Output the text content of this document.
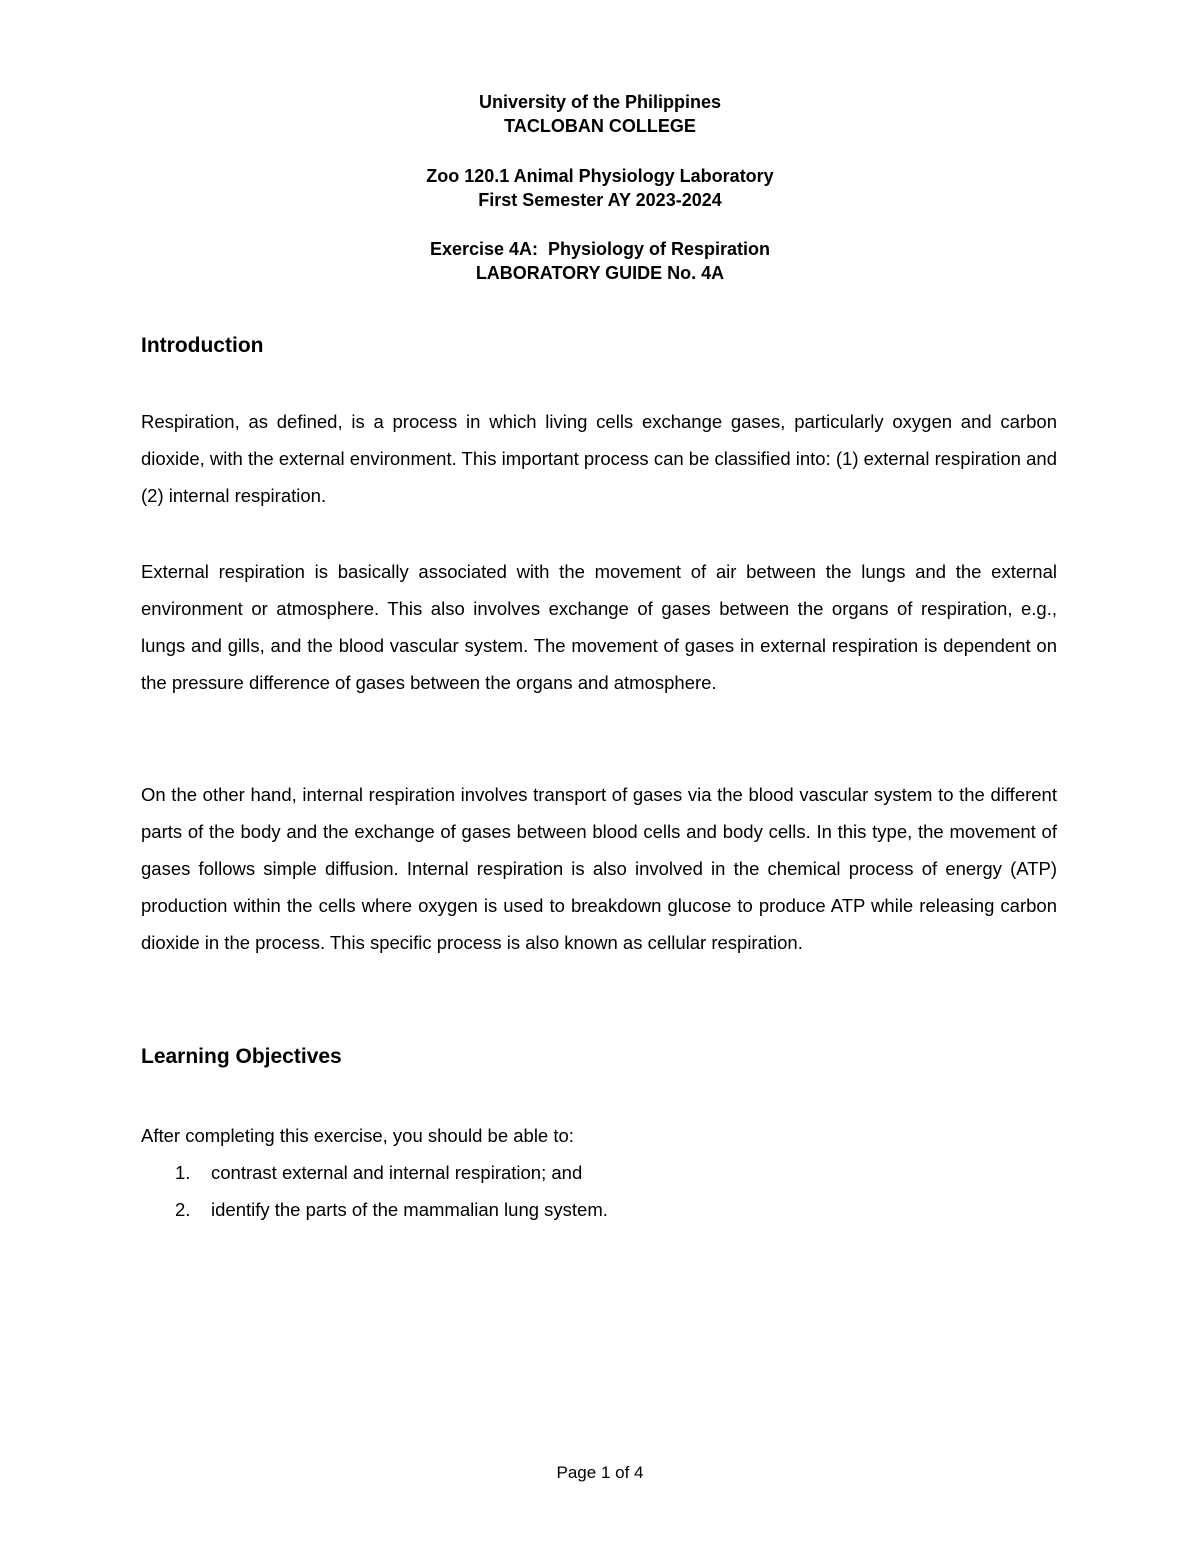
University of the Philippines
TACLOBAN COLLEGE
Zoo 120.1 Animal Physiology Laboratory
First Semester AY 2023-2024
Exercise 4A:  Physiology of Respiration
LABORATORY GUIDE No. 4A
Introduction

Respiration, as defined, is a process in which living cells exchange gases, particularly oxygen and carbon dioxide, with the external environment. This important process can be classified into: (1) external respiration and (2) internal respiration.

External respiration is basically associated with the movement of air between the lungs and the external environment or atmosphere. This also involves exchange of gases between the organs of respiration, e.g., lungs and gills, and the blood vascular system. The movement of gases in external respiration is dependent on the pressure difference of gases between the organs and atmosphere.

On the other hand, internal respiration involves transport of gases via the blood vascular system to the different parts of the body and the exchange of gases between blood cells and body cells. In this type, the movement of gases follows simple diffusion. Internal respiration is also involved in the chemical process of energy (ATP) production within the cells where oxygen is used to breakdown glucose to produce ATP while releasing carbon dioxide in the process. This specific process is also known as cellular respiration.

Learning Objectives
After completing this exercise, you should be able to:
1. contrast external and internal respiration; and
2. identify the parts of the mammalian lung system.
Page 1 of 4
